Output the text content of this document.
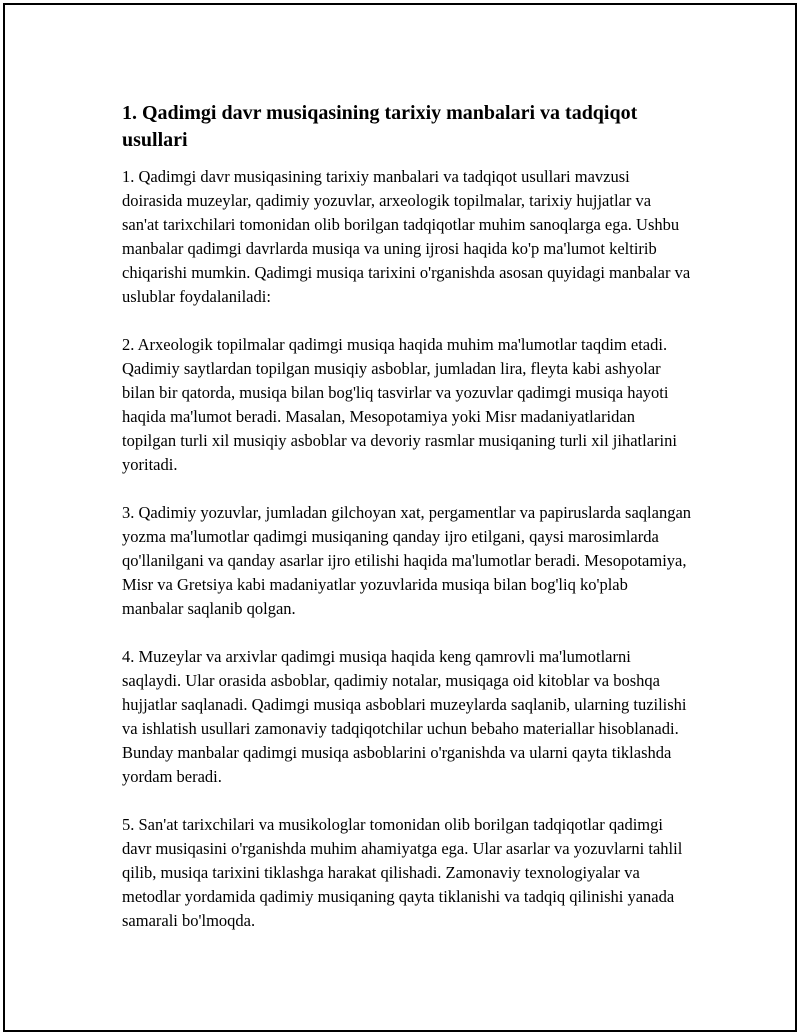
1. Qadimgi davr musiqasining tarixiy manbalari va tadqiqot usullari

1. Qadimgi davr musiqasining tarixiy manbalari va tadqiqot usullari mavzusi doirasida muzeylar, qadimiy yozuvlar, arxeologik topilmalar, tarixiy hujjatlar va san'at tarixchilari tomonidan olib borilgan tadqiqotlar muhim sanoqlarga ega. Ushbu manbalar qadimgi davrlarda musiqa va uning ijrosi haqida ko'p ma'lumot keltirib chiqarishi mumkin. Qadimgi musiqa tarixini o'rganishda asosan quyidagi manbalar va uslublar foydalaniladi:

2. Arxeologik topilmalar qadimgi musiqa haqida muhim ma'lumotlar taqdim etadi. Qadimiy saytlardan topilgan musiqiy asboblar, jumladan lira, fleyta kabi ashyolar bilan bir qatorda, musiqa bilan bog'liq tasvirlar va yozuvlar qadimgi musiqa hayoti haqida ma'lumot beradi. Masalan, Mesopotamiya yoki Misr madaniyatlaridan topilgan turli xil musiqiy asboblar va devoriy rasmlar musiqaning turli xil jihatlarini yoritadi.

3. Qadimiy yozuvlar, jumladan gilchoyan xat, pergamentlar va papiruslarda saqlangan yozma ma'lumotlar qadimgi musiqaning qanday ijro etilgani, qaysi marosimlarda qo'llanilgani va qanday asarlar ijro etilishi haqida ma'lumotlar beradi. Mesopotamiya, Misr va Gretsiya kabi madaniyatlar yozuvlarida musiqa bilan bog'liq ko'plab manbalar saqlanib qolgan.

4. Muzeylar va arxivlar qadimgi musiqa haqida keng qamrovli ma'lumotlarni saqlaydi. Ular orasida asboblar, qadimiy notalar, musiqaga oid kitoblar va boshqa hujjatlar saqlanadi. Qadimgi musiqa asboblari muzeylarda saqlanib, ularning tuzilishi va ishlatish usullari zamonaviy tadqiqotchilar uchun bebaho materiallar hisoblanadi. Bunday manbalar qadimgi musiqa asboblarini o'rganishda va ularni qayta tiklashda yordam beradi.

5. San'at tarixchilari va musikologlar tomonidan olib borilgan tadqiqotlar qadimgi davr musiqasini o'rganishda muhim ahamiyatga ega. Ular asarlar va yozuvlarni tahlil qilib, musiqa tarixini tiklashga harakat qilishadi. Zamonaviy texnologiyalar va metodlar yordamida qadimiy musiqaning qayta tiklanishi va tadqiq qilinishi yanada samarali bo'lmoqda.
